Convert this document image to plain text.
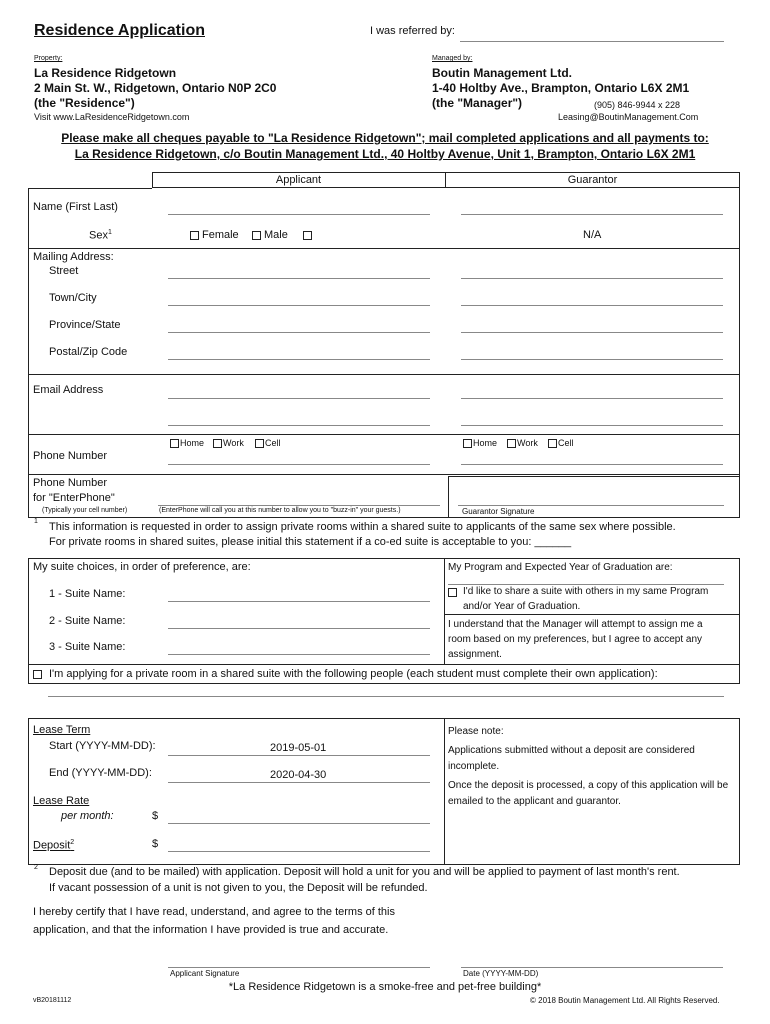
Residence Application	I was referred by:
Property:
La Residence Ridgetown
2 Main St. W., Ridgetown, Ontario N0P 2C0
(the "Residence")
Visit www.LaResidenceRidgetown.com
Managed by:
Boutin Management Ltd.
1-40 Holtby Ave., Brampton, Ontario L6X 2M1
(the "Manager")	(905) 846-9944 x 228
Leasing@BoutinManagement.Com
Please make all cheques payable to "La Residence Ridgetown"; mail completed applications and all payments to:
La Residence Ridgetown, c/o Boutin Management Ltd., 40 Holtby Avenue, Unit 1, Brampton, Ontario L6X 2M1
Applicant	Guarantor
Name (First Last)
Sex$^1$	Female Male	N/A
Mailing Address:
Street
Town/City
Province/State
Postal/Zip Code
Email Address
Phone Number
Home Work Cell	Home Work Cell
Phone Number
for "EnterPhone"
(Typically your cell number)	(EnterPhone will call you at this number to allow you to "buzz-in" your guests.)	Guarantor Signature
1 This information is requested in order to assign private rooms within a shared suite to applicants of the same sex where possible.
For private rooms in shared suites, please initial this statement if a co-ed suite is acceptable to you: ______
My suite choices, in order of preference, are:
1 - Suite Name:
2 - Suite Name:
3 - Suite Name:
My Program and Expected Year of Graduation are:
I'd like to share a suite with others in my same Program
and/or Year of Graduation.
I understand that the Manager will attempt to assign me a
room based on my preferences, but I agree to accept any
assignment.
I'm applying for a private room in a shared suite with the following people (each student must complete their own application):
Lease Term
Start (YYYY-MM-DD):	2019-05-01
End (YYYY-MM-DD):	2020-04-30
Lease Rate
per month:	$
Deposit$^2$	$
Please note:
Applications submitted without a deposit are considered
incomplete.
Once the deposit is processed, a copy of this application will be
emailed to the applicant and guarantor.
2 Deposit due (and to be mailed) with application. Deposit will hold a unit for you and will be applied to payment of last month's rent.
If vacant possession of a unit is not given to you, the Deposit will be refunded.
I hereby certify that I have read, understand, and agree to the terms of this
application, and that the information I have provided is true and accurate.
Applicant Signature	Date (YYYY-MM-DD)
*La Residence Ridgetown is a smoke-free and pet-free building*
vB20181112	© 2018 Boutin Management Ltd. All Rights Reserved.
